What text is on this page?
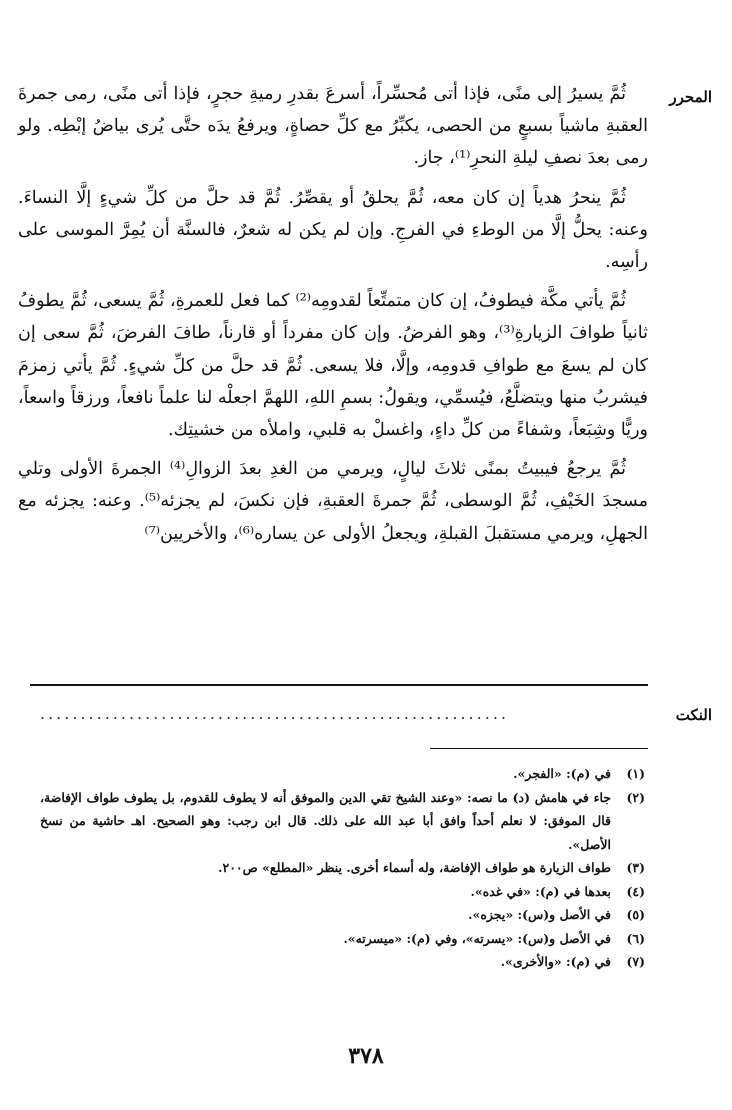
المحرر

ثُمَّ يسيرُ إلى منًى، فإذا أتى مُحسِّراً، أسرعَ بقدرِ رميةِ حجرٍ، فإذا أتى منًى، رمى جمرةَ العقبةِ ماشياً بسبعٍ من الحصى، يكبِّرُ مع كلِّ حصاةٍ، ويرفعُ يدَه حتَّى يُرى بياضُ إبْطِه. ولو رمى بعدَ نصفِ ليلةِ النحرِ⁽¹⁾، جاز.

ثُمَّ ينحرُ هدياً إن كان معه، ثُمَّ يحلقُ أو يقصِّرُ. ثُمَّ قد حلَّ من كلِّ شيءٍ إلَّا النساءَ. وعنه: يحلُّ إلَّا من الوطءِ في الفرجِ. وإن لم يكن له شعرٌ، فالسنَّة أن يُمِرَّ الموسى على رأسِه.

ثُمَّ يأتي مكَّة فيطوفُ، إن كان متمتِّعاً لقدومِه⁽²⁾ كما فعل للعمرةِ، ثُمَّ يسعى، ثُمَّ يطوفُ ثانياً طوافَ الزيارةِ⁽³⁾، وهو الفرضُ. وإن كان مفرداً أو قارناً، طافَ الفرضَ، ثُمَّ سعى إن كان لم يسعَ مع طوافِ قدومِه، وإلَّا، فلا يسعى. ثُمَّ قد حلَّ من كلِّ شيءٍ. ثُمَّ يأتي زمزمَ فيشربُ منها ويتضلَّعُ، فيُسمِّي، ويقولُ: بسمِ اللهِ، اللهمَّ اجعلْه لنا علماً نافعاً، ورزقاً واسعاً، وريًّا وشِبَعاً، وشفاءً من كلِّ داءٍ، واغسلْ به قلبي، واملأه من خشيتِك.

ثُمَّ يرجعُ فيبيتُ بمنًى ثلاثَ ليالٍ، ويرمي من الغدِ بعدَ الزوالِ⁽⁴⁾ الجمرةَ الأولى وتلي مسجدَ الخَيْفِ، ثُمَّ الوسطى، ثُمَّ جمرةَ العقبةِ، فإن نكسَ، لم يجزئه⁽⁵⁾. وعنه: يجزئه مع الجهلِ، ويرمي مستقبلَ القبلةِ، ويجعلُ الأولى عن يساره⁽⁶⁾، والأخريين⁽⁷⁾

النكت
..........................................................
(١)
في (م): «الفجر».
(٢)
جاء في هامش (د) ما نصه: «وعند الشيخ تقي الدين والموفق أنه لا يطوف للقدوم، بل يطوف طواف الإفاضة، قال الموفق: لا نعلم أحداً وافق أبا عبد الله على ذلك. قال ابن رجب: وهو الصحيح. اهـ حاشية من نسخ الأصل».
(٣)
طواف الزيارة هو طواف الإفاضة، وله أسماء أخرى. ينظر «المطلع» ص٢٠٠.
(٤)
بعدها في (م): «في غده».
(٥)
في الأصل و(س): «يجزه».
(٦)
في الأصل و(س): «يسرته»، وفي (م): «ميسرته».
(٧)
في (م): «والأخرى».
٣٧٨
